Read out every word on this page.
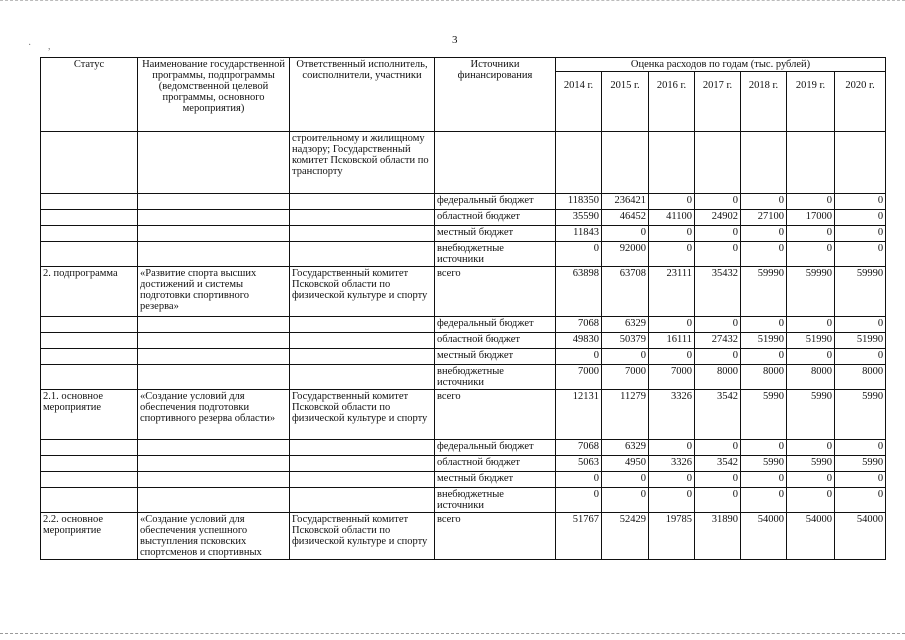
· ,
3
Статус	Наименование государственной программы, подпрограммы (ведомственной целевой программы, основного мероприятия)	Ответственный исполнитель, соисполнители, участники	Источники финансирования	Оценка расходов по годам (тыс. рублей)						
				2014 г.	2015 г.	2016 г.	2017 г.	2018 г.	2019 г.	2020 г.
		строительному и жилищному надзору; Государственный комитет Псковской области по транспорту								
			федеральный бюджет	118350	236421	0	0	0	0	0
			областной бюджет	35590	46452	41100	24902	27100	17000	0
			местный бюджет	11843	0	0	0	0	0	0
			внебюджетные источники	0	92000	0	0	0	0	0
2. подпрограмма	«Развитие спорта высших достижений и системы подготовки спортивного резерва»	Государственный комитет Псковской области по физической культуре и спорту	всего	63898	63708	23111	35432	59990	59990	59990
			федеральный бюджет	7068	6329	0	0	0	0	0
			областной бюджет	49830	50379	16111	27432	51990	51990	51990
			местный бюджет	0	0	0	0	0	0	0
			внебюджетные источники	7000	7000	7000	8000	8000	8000	8000
2.1. основное мероприятие	«Создание условий для обеспечения подготовки спортивного резерва области»	Государственный комитет Псковской области по физической культуре и спорту	всего	12131	11279	3326	3542	5990	5990	5990
			федеральный бюджет	7068	6329	0	0	0	0	0
			областной бюджет	5063	4950	3326	3542	5990	5990	5990
			местный бюджет	0	0	0	0	0	0	0
			внебюджетные источники	0	0	0	0	0	0	0
2.2. основное мероприятие	«Создание условий для обеспечения успешного выступления псковских спортсменов и спортивных	Государственный комитет Псковской области по физической культуре и спорту	всего	51767	52429	19785	31890	54000	54000	54000
